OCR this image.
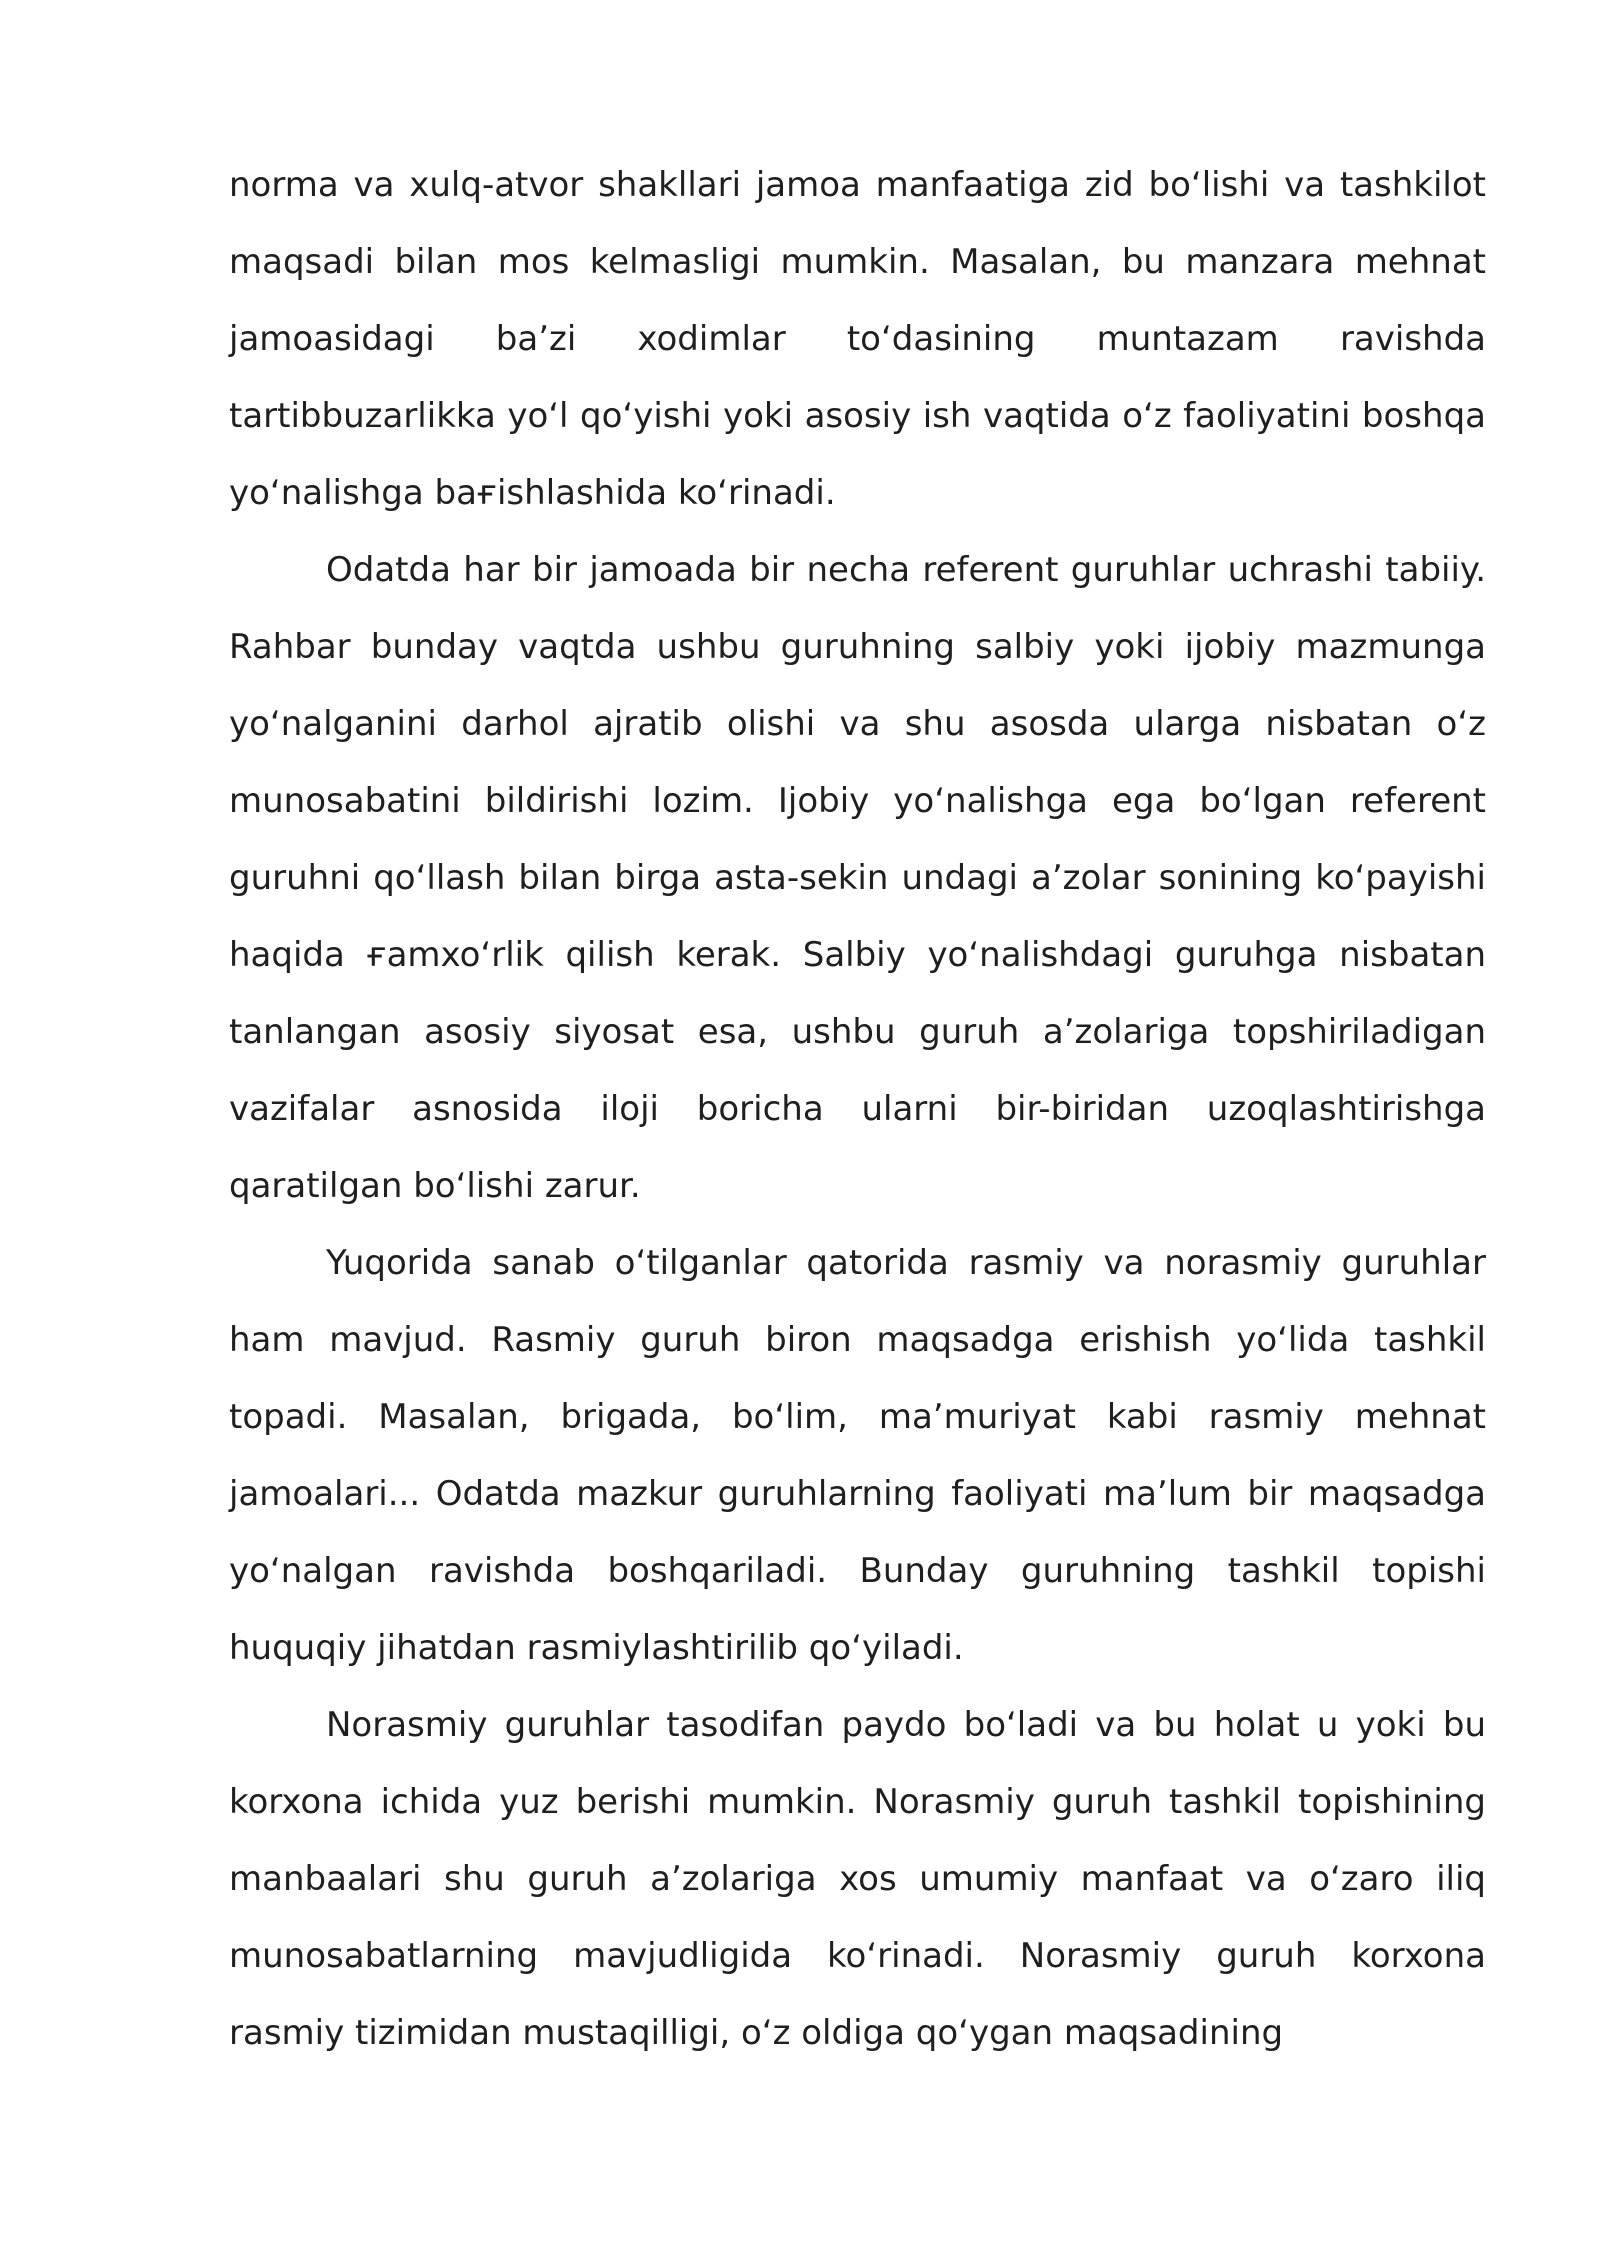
norma va xulq-atvor shakllari jamoa manfaatiga zid bo‘lishi va tashkilot maqsadi bilan mos kelmasligi mumkin. Masalan, bu manzara mehnat jamoasidagi ba’zi xodimlar to‘dasining muntazam ravishda tartibbuzarlikka yo‘l qo‘yishi yoki asosiy ish vaqtida o‘z faoliyatini boshqa yo‘nalishga baғishlashida ko‘rinadi.

Odatda har bir jamoada bir necha referent guruhlar uchrashi tabiiy. Rahbar bunday vaqtda ushbu guruhning salbiy yoki ijobiy mazmunga yo‘nalganini darhol ajratib olishi va shu asosda ularga nisbatan o‘z munosabatini bildirishi lozim. Ijobiy yo‘nalishga ega bo‘lgan referent guruhni qo‘llash bilan birga asta-sekin undagi a’zolar sonining ko‘payishi haqida ғamxo‘rlik qilish kerak. Salbiy yo‘nalishdagi guruhga nisbatan tanlangan asosiy siyosat esa, ushbu guruh a’zolariga topshiriladigan vazifalar asnosida iloji boricha ularni bir-biridan uzoqlashtirishga qaratilgan bo‘lishi zarur.

Yuqorida sanab o‘tilganlar qatorida rasmiy va norasmiy guruhlar ham mavjud. Rasmiy guruh biron maqsadga erishish yo‘lida tashkil topadi. Masalan, brigada, bo‘lim, ma’muriyat kabi rasmiy mehnat jamoalari... Odatda mazkur guruhlarning faoliyati ma’lum bir maqsadga yo‘nalgan ravishda boshqariladi. Bunday guruhning tashkil topishi huquqiy jihatdan rasmiylashtirilib qo‘yiladi.

Norasmiy guruhlar tasodifan paydo bo‘ladi va bu holat u yoki bu korxona ichida yuz berishi mumkin. Norasmiy guruh tashkil topishining manbaalari shu guruh a’zolariga xos umumiy manfaat va o‘zaro iliq munosabatlarning mavjudligida ko‘rinadi. Norasmiy guruh korxona rasmiy tizimidan mustaqilligi, o‘z oldiga qo‘ygan maqsadining
